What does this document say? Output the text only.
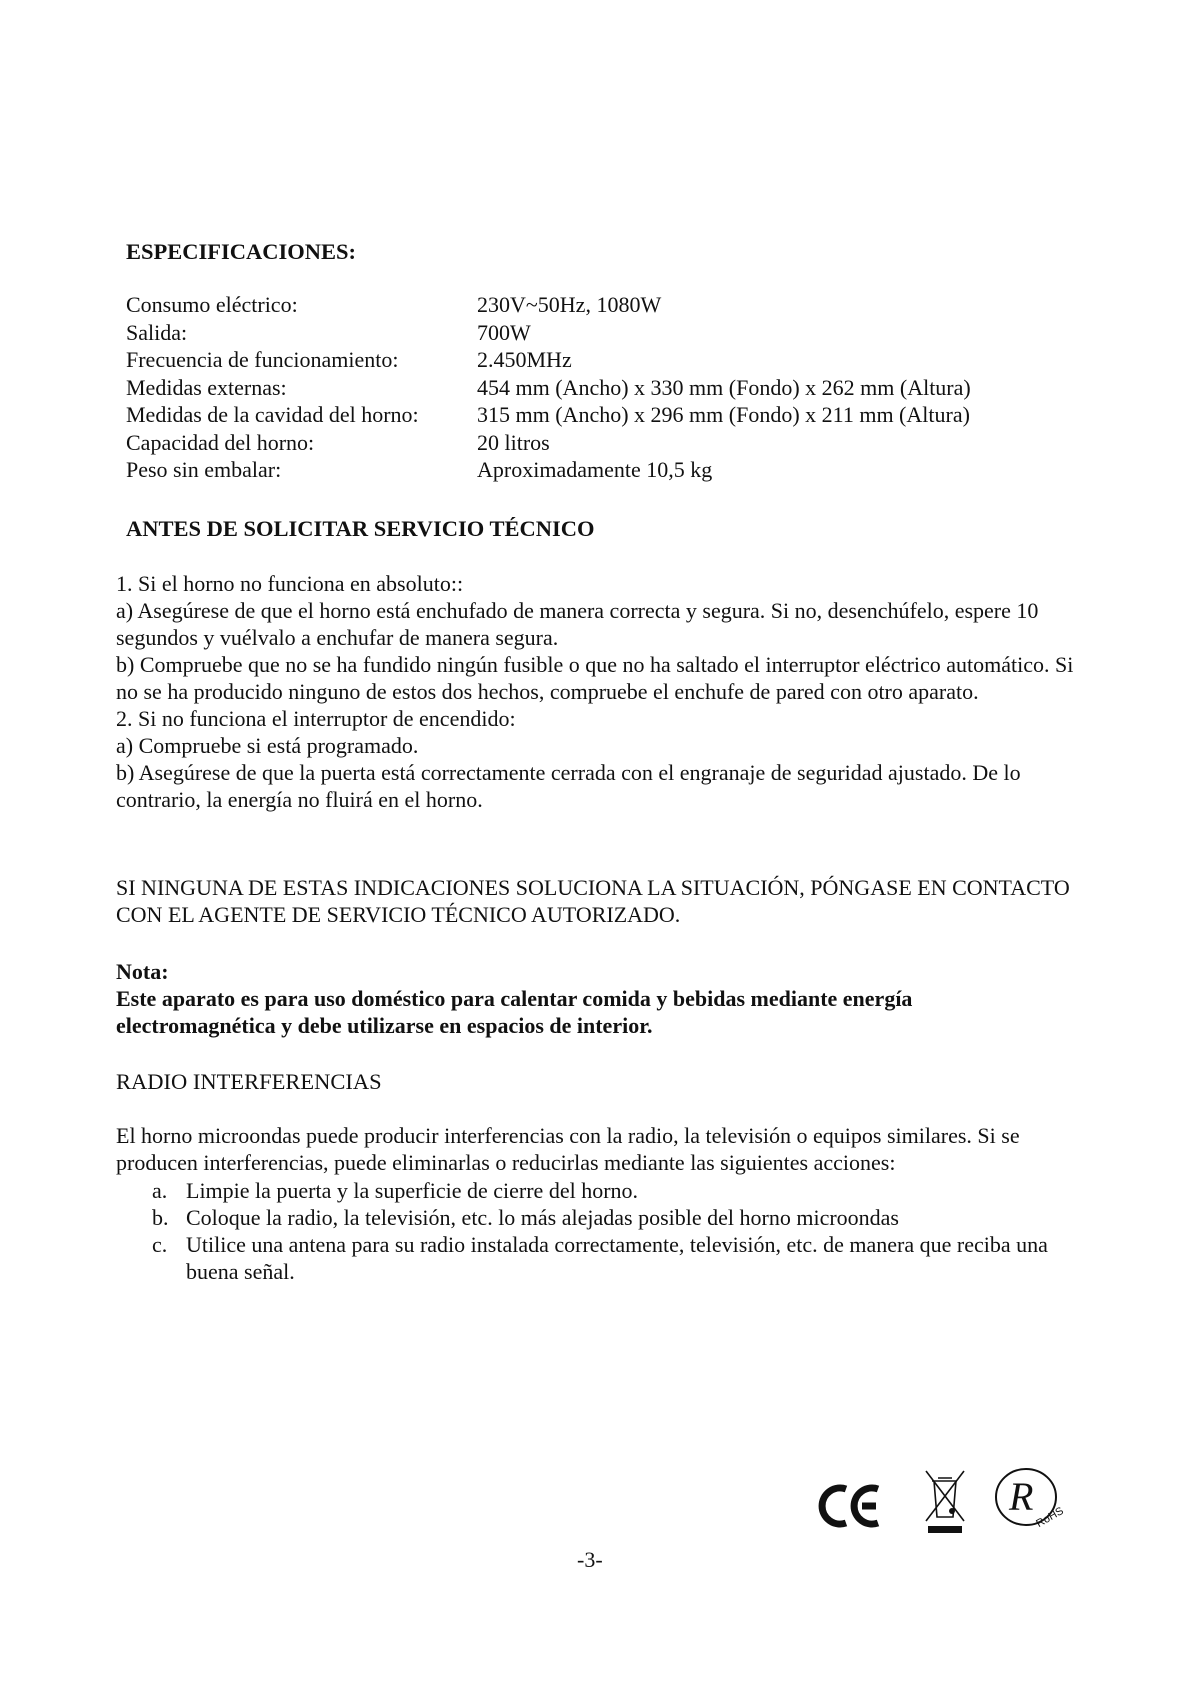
ESPECIFICACIONES:
Consumo eléctrico:	230V~50Hz, 1080W
Salida:	700W
Frecuencia de funcionamiento:	2.450MHz
Medidas externas:	454 mm (Ancho) x 330 mm (Fondo) x 262 mm (Altura)
Medidas de la cavidad del horno:	315 mm (Ancho) x 296 mm (Fondo) x 211 mm (Altura)
Capacidad del horno:	20 litros
Peso sin embalar:	Aproximadamente 10,5 kg
ANTES DE SOLICITAR SERVICIO TÉCNICO
1. Si el horno no funciona en absoluto::
a) Asegúrese de que el horno está enchufado de manera correcta y segura. Si no, desenchúfelo, espere 10 segundos y vuélvalo a enchufar de manera segura.
b) Compruebe que no se ha fundido ningún fusible o que no ha saltado el interruptor eléctrico automático. Si no se ha producido ninguno de estos dos hechos, compruebe el enchufe de pared con otro aparato.
2. Si no funciona el interruptor de encendido:
a) Compruebe si está programado.
b) Asegúrese de que la puerta está correctamente cerrada con el engranaje de seguridad ajustado. De lo contrario, la energía no fluirá en el horno.
SI NINGUNA DE ESTAS INDICACIONES SOLUCIONA LA SITUACIÓN, PÓNGASE EN CONTACTO CON EL AGENTE DE SERVICIO TÉCNICO AUTORIZADO.
Nota:
Este aparato es para uso doméstico para calentar comida y bebidas mediante energía electromagnética y debe utilizarse en espacios de interior.
RADIO INTERFERENCIAS
El horno microondas puede producir interferencias con la radio, la televisión o equipos similares. Si se producen interferencias, puede eliminarlas o reducirlas mediante las siguientes acciones:
a. Limpie la puerta y la superficie de cierre del horno.
b. Coloque la radio, la televisión, etc. lo más alejadas posible del horno microondas
c. Utilice una antena para su radio instalada correctamente, televisión, etc. de manera que reciba una buena señal.
R RoHS
-3-
